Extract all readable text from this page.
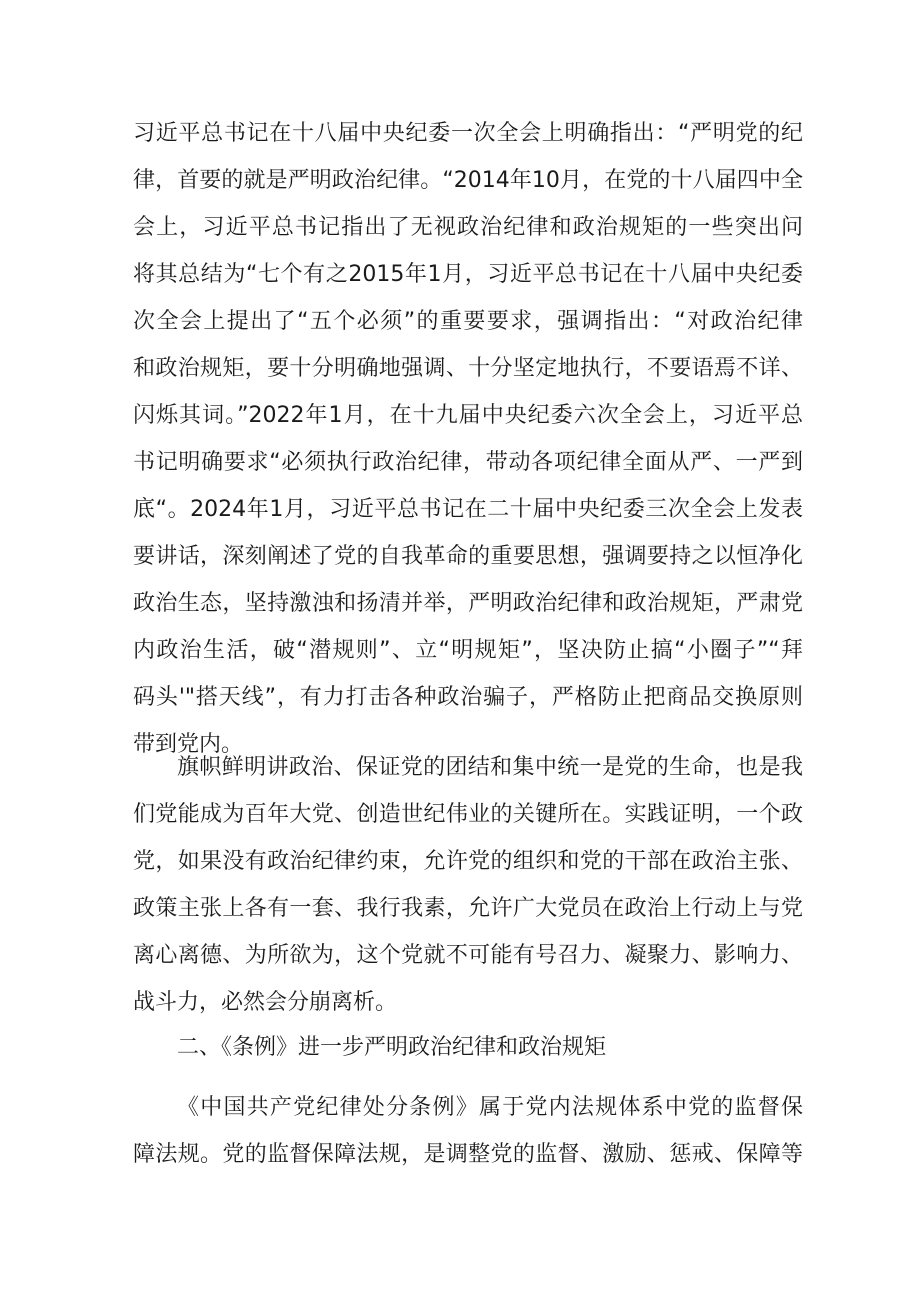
习近平总书记在十八届中央纪委一次全会上明确指出：“严明党的纪
律，首要的就是严明政治纪律。“2014年10月，在党的十八届四中全
会上，习近平总书记指出了无视政治纪律和政治规矩的一些突出问
将其总结为“七个有之2015年1月，习近平总书记在十八届中央纪委
次全会上提出了“五个必须”的重要要求，强调指出：“对政治纪律
和政治规矩，要十分明确地强调、十分坚定地执行，不要语焉不详、
闪烁其词。”2022年1月，在十九届中央纪委六次全会上，习近平总
书记明确要求“必须执行政治纪律，带动各项纪律全面从严、一严到
底“。2024年1月，习近平总书记在二十届中央纪委三次全会上发表
要讲话，深刻阐述了党的自我革命的重要思想，强调要持之以恒净化
政治生态，坚持激浊和扬清并举，严明政治纪律和政治规矩，严肃党
内政治生活，破“潜规则”、立“明规矩”，坚决防止搞“小圈子”“拜
码头'"搭天线”，有力打击各种政治骗子，严格防止把商品交换原则
带到党内。
旗帜鲜明讲政治、保证党的团结和集中统一是党的生命，也是我
们党能成为百年大党、创造世纪伟业的关键所在。实践证明，一个政
党，如果没有政治纪律约束，允许党的组织和党的干部在政治主张、
政策主张上各有一套、我行我素，允许广大党员在政治上行动上与党
离心离德、为所欲为，这个党就不可能有号召力、凝聚力、影响力、
战斗力，必然会分崩离析。
二、《条例》进一步严明政治纪律和政治规矩
《中国共产党纪律处分条例》属于党内法规体系中党的监督保
障法规。党的监督保障法规，是调整党的监督、激励、惩戒、保障等
